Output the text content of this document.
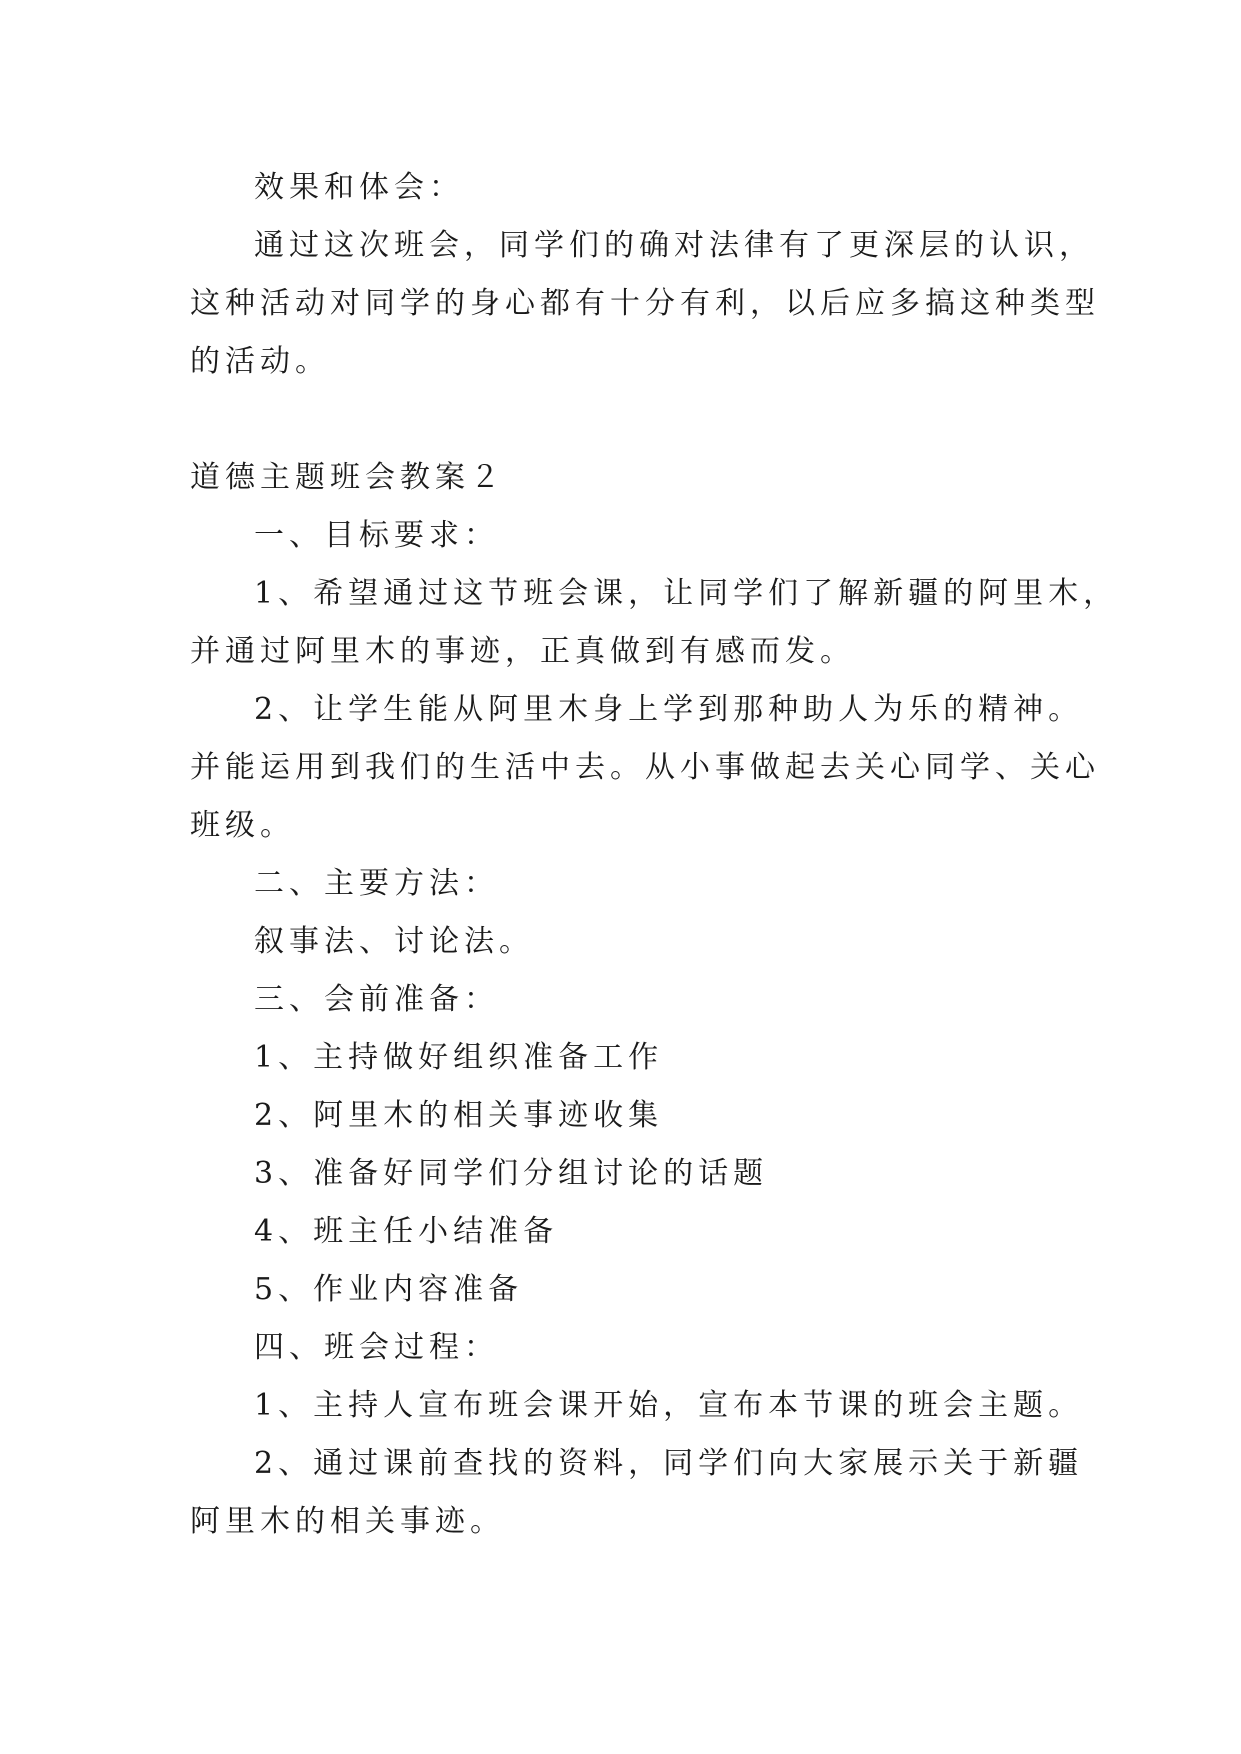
效果和体会：
通过这次班会，同学们的确对法律有了更深层的认识，
这种活动对同学的身心都有十分有利，以后应多搞这种类型
的活动。
道德主题班会教案２
一、目标要求：
1、希望通过这节班会课，让同学们了解新疆的阿里木，
并通过阿里木的事迹，正真做到有感而发。
2、让学生能从阿里木身上学到那种助人为乐的精神。
并能运用到我们的生活中去。从小事做起去关心同学、关心
班级。
二、主要方法：
叙事法、讨论法。
三、会前准备：
1、主持做好组织准备工作
2、阿里木的相关事迹收集
3、准备好同学们分组讨论的话题
4、班主任小结准备
5、作业内容准备
四、班会过程：
1、主持人宣布班会课开始，宣布本节课的班会主题。
2、通过课前查找的资料，同学们向大家展示关于新疆
阿里木的相关事迹。
